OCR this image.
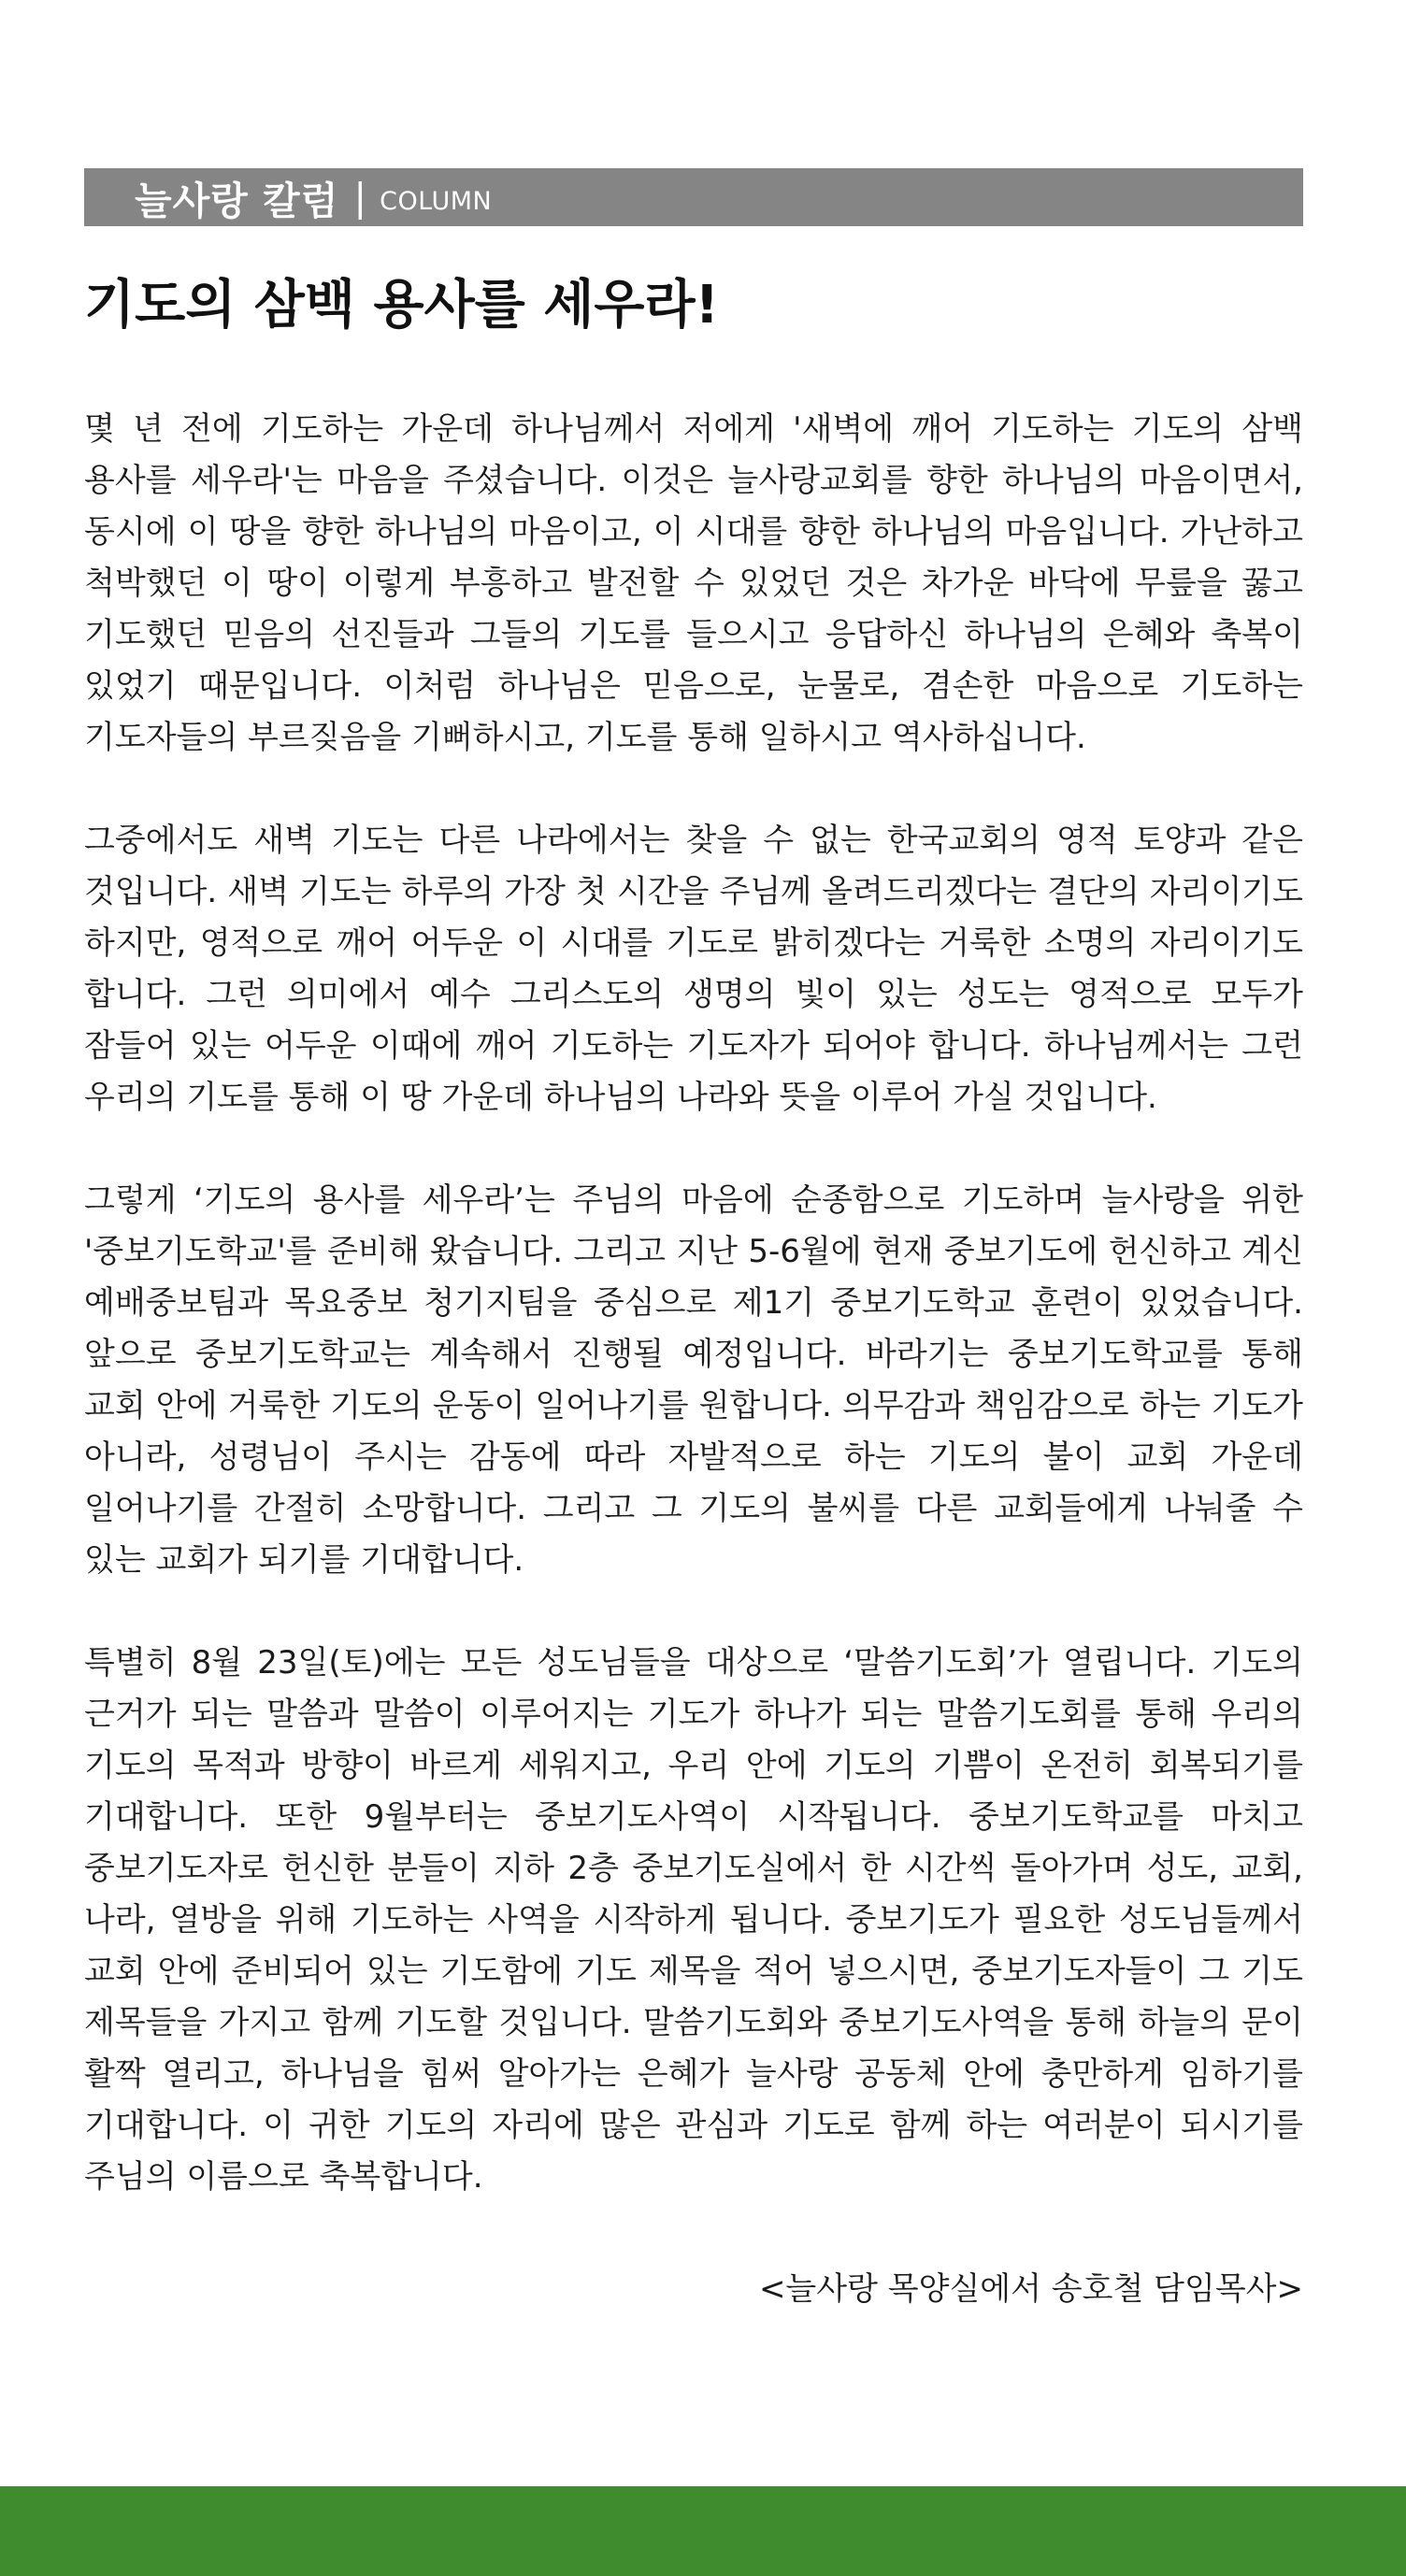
늘사랑 칼럼 | COLUMN
기도의 삼백 용사를 세우라!

몇 년 전에 기도하는 가운데 하나님께서 저에게 '새벽에 깨어 기도하는 기도의 삼백 용사를 세우라'는 마음을 주셨습니다. 이것은 늘사랑교회를 향한 하나님의 마음이면서, 동시에 이 땅을 향한 하나님의 마음이고, 이 시대를 향한 하나님의 마음입니다. 가난하고 척박했던 이 땅이 이렇게 부흥하고 발전할 수 있었던 것은 차가운 바닥에 무릎을 꿇고 기도했던 믿음의 선진들과 그들의 기도를 들으시고 응답하신 하나님의 은혜와 축복이 있었기 때문입니다. 이처럼 하나님은 믿음으로, 눈물로, 겸손한 마음으로 기도하는 기도자들의 부르짖음을 기뻐하시고, 기도를 통해 일하시고 역사하십니다.

그중에서도 새벽 기도는 다른 나라에서는 찾을 수 없는 한국교회의 영적 토양과 같은 것입니다. 새벽 기도는 하루의 가장 첫 시간을 주님께 올려드리겠다는 결단의 자리이기도 하지만, 영적으로 깨어 어두운 이 시대를 기도로 밝히겠다는 거룩한 소명의 자리이기도 합니다. 그런 의미에서 예수 그리스도의 생명의 빛이 있는 성도는 영적으로 모두가 잠들어 있는 어두운 이때에 깨어 기도하는 기도자가 되어야 합니다. 하나님께서는 그런 우리의 기도를 통해 이 땅 가운데 하나님의 나라와 뜻을 이루어 가실 것입니다.

그렇게 ‘기도의 용사를 세우라’는 주님의 마음에 순종함으로 기도하며 늘사랑을 위한 '중보기도학교'를 준비해 왔습니다. 그리고 지난 5-6월에 현재 중보기도에 헌신하고 계신 예배중보팀과 목요중보 청기지팀을 중심으로 제1기 중보기도학교 훈련이 있었습니다. 앞으로 중보기도학교는 계속해서 진행될 예정입니다. 바라기는 중보기도학교를 통해 교회 안에 거룩한 기도의 운동이 일어나기를 원합니다. 의무감과 책임감으로 하는 기도가 아니라, 성령님이 주시는 감동에 따라 자발적으로 하는 기도의 불이 교회 가운데 일어나기를 간절히 소망합니다. 그리고 그 기도의 불씨를 다른 교회들에게 나눠줄 수 있는 교회가 되기를 기대합니다.

특별히 8월 23일(토)에는 모든 성도님들을 대상으로 ‘말씀기도회’가 열립니다. 기도의 근거가 되는 말씀과 말씀이 이루어지는 기도가 하나가 되는 말씀기도회를 통해 우리의 기도의 목적과 방향이 바르게 세워지고, 우리 안에 기도의 기쁨이 온전히 회복되기를 기대합니다. 또한 9월부터는 중보기도사역이 시작됩니다. 중보기도학교를 마치고 중보기도자로 헌신한 분들이 지하 2층 중보기도실에서 한 시간씩 돌아가며 성도, 교회, 나라, 열방을 위해 기도하는 사역을 시작하게 됩니다. 중보기도가 필요한 성도님들께서 교회 안에 준비되어 있는 기도함에 기도 제목을 적어 넣으시면, 중보기도자들이 그 기도 제목들을 가지고 함께 기도할 것입니다. 말씀기도회와 중보기도사역을 통해 하늘의 문이 활짝 열리고, 하나님을 힘써 알아가는 은혜가 늘사랑 공동체 안에 충만하게 임하기를 기대합니다. 이 귀한 기도의 자리에 많은 관심과 기도로 함께 하는 여러분이 되시기를 주님의 이름으로 축복합니다.

<늘사랑 목양실에서 송호철 담임목사>
